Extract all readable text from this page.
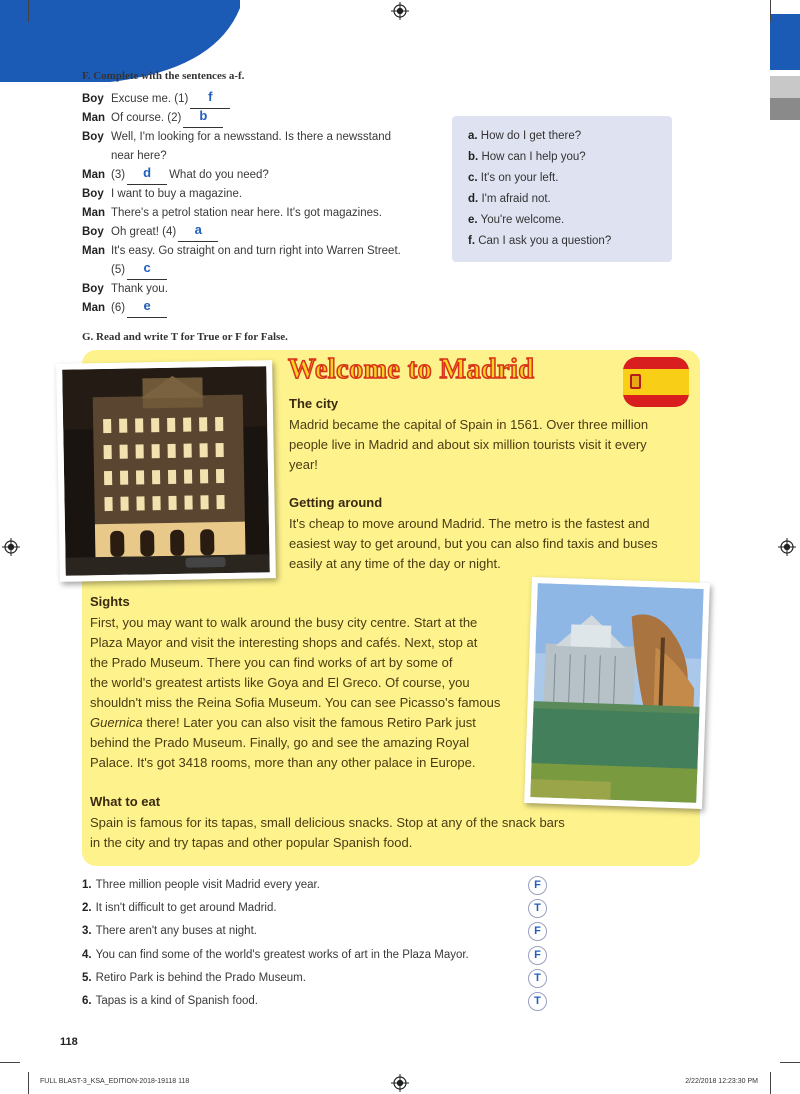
F. Complete with the sentences a-f.
Boy Excuse me. (1)	f
Man Of course. (2)	b
Boy Well, I'm looking for a newsstand. Is there a newsstand
near here?
Man (3)	d	What do you need?
Boy I want to buy a magazine.
Man There's a petrol station near here. It's got magazines.
Boy Oh great! (4)	a
Man It's easy. Go straight on and turn right into Warren Street.
(5)	c
Boy Thank you.
Man (6)	e
a. How do I get there?
b. How can I help you?
c. It's on your left.
d. I'm afraid not.
e. You're welcome.
f. Can I ask you a question?
G. Read and write T for True or F for False.
Welcome to Madrid
The city
Madrid became the capital of Spain in 1561. Over three million
people live in Madrid and about six million tourists visit it every
year!
Getting around
It's cheap to move around Madrid. The metro is the fastest and
easiest way to get around, but you can also find taxis and buses
easily at any time of the day or night.
Sights
First, you may want to walk around the busy city centre. Start at the
Plaza Mayor and visit the interesting shops and cafés. Next, stop at
the Prado Museum. There you can find works of art by some of
the world's greatest artists like Goya and El Greco. Of course, you
shouldn't miss the Reina Sofia Museum. You can see Picasso's famous
Guernica there! Later you can also visit the famous Retiro Park just
behind the Prado Museum. Finally, go and see the amazing Royal
Palace. It's got 3418 rooms, more than any other palace in Europe.
What to eat
Spain is famous for its tapas, small delicious snacks. Stop at any of the snack bars
in the city and try tapas and other popular Spanish food.
1. Three million people visit Madrid every year.	F
2. It isn't difficult to get around Madrid.	T
3. There aren't any buses at night.	F
4. You can find some of the world's greatest works of art in the Plaza Mayor.	F
5. Retiro Park is behind the Prado Museum.	T
6. Tapas is a kind of Spanish food.	T
118
FULL BLAST-3_KSA_EDITION-2018-19118 118	2/22/2018 12:23:30 PM
